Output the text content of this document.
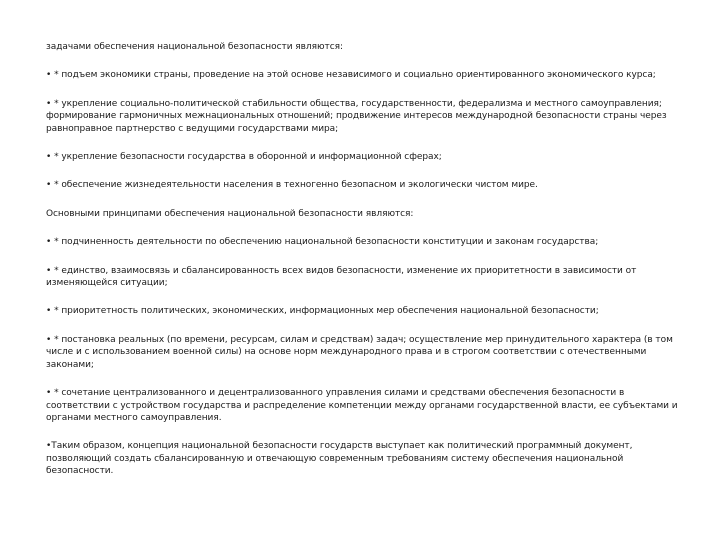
задачами обеспечения национальной безопасности являются:

• * подъем экономики страны, проведение на этой основе независимого и социально ориентированного экономического курса;

• * укрепление социально-политической стабильности общества, государственности, федерализма и местного самоуправления; формирование гармоничных межнациональных отношений; продвижение интересов международной безопасности страны через равноправное партнерство с ведущими государствами мира;

• * укрепление безопасности государства в оборонной и информационной сферах;

• * обеспечение жизнедеятельности населения в техногенно безопасном и экологически чистом мире.

Основными принципами обеспечения национальной безопасности являются:

• * подчиненность деятельности по обеспечению национальной безопасности конституции и законам государства;

• * единство, взаимосвязь и сбалансированность всех видов безопасности, изменение их приоритетности в зависимости от изменяющейся ситуации;

• * приоритетность политических, экономических, информационных мер обеспечения национальной безопасности;

• * постановка реальных (по времени, ресурсам, силам и средствам) задач; осуществление мер принудительного характера (в том числе и с использованием военной силы) на основе норм международного права и в строгом соответствии с отечественными законами;

• * сочетание централизованного и децентрализованного управления силами и средствами обеспечения безопасности в соответствии с устройством государства и распределение компетенции между органами государственной власти, ее субъектами и органами местного самоуправления.

•Таким образом, концепция национальной безопасности государств выступает как политический программный документ, позволяющий создать сбалансированную и отвечающую современным требованиям систему обеспечения национальной безопасности.
